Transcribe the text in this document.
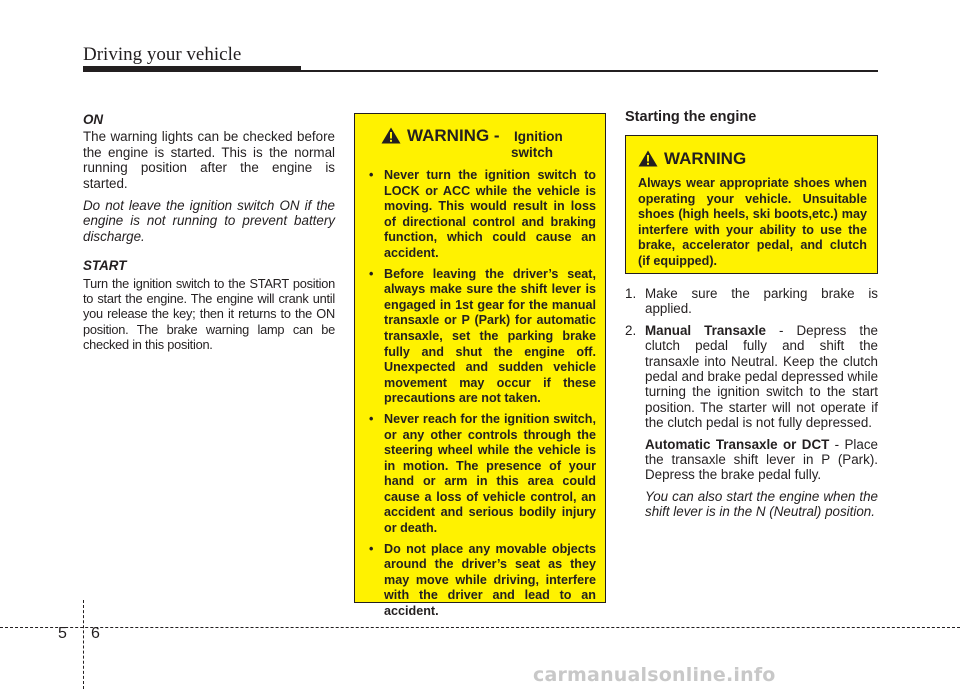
Driving your vehicle
ON

The warning lights can be checked before the engine is started. This is the normal running position after the engine is started.

Do not leave the ignition switch ON if the engine is not running to prevent battery discharge.

START

Turn the ignition switch to the START position to start the engine. The engine will crank until you release the key; then it returns to the ON position. The brake warning lamp can be checked in this position.

WARNING - Ignition
switch
• Never turn the ignition switch to LOCK or ACC while the vehicle is moving. This would result in loss of directional control and braking function, which could cause an accident.
• Before leaving the driver’s seat, always make sure the shift lever is engaged in 1st gear for the manual transaxle or P (Park) for automatic transaxle, set the parking brake fully and shut the engine off. Unexpected and sudden vehicle movement may occur if these precautions are not taken.
• Never reach for the ignition switch, or any other controls through the steering wheel while the vehicle is in motion. The presence of your hand or arm in this area could cause a loss of vehicle control, an accident and serious bodily injury or death.
• Do not place any movable objects around the driver’s seat as they may move while driving, interfere with the driver and lead to an accident.
Starting the engine
1. Make sure the parking brake is applied.

2. Manual Transaxle - Depress the clutch pedal fully and shift the transaxle into Neutral. Keep the clutch pedal and brake pedal depressed while turning the ignition switch to the start position. The starter will not operate if the clutch pedal is not fully depressed.

Automatic Transaxle or DCT - Place the transaxle shift lever in P (Park). Depress the brake pedal fully.

You can also start the engine when the shift lever is in the N (Neutral) position.

WARNING
Always wear appropriate shoes when operating your vehicle. Unsuitable shoes (high heels, ski boots,etc.) may interfere with your ability to use the brake, accelerator pedal, and clutch (if equipped).
5 6
carmanualsonline.info
